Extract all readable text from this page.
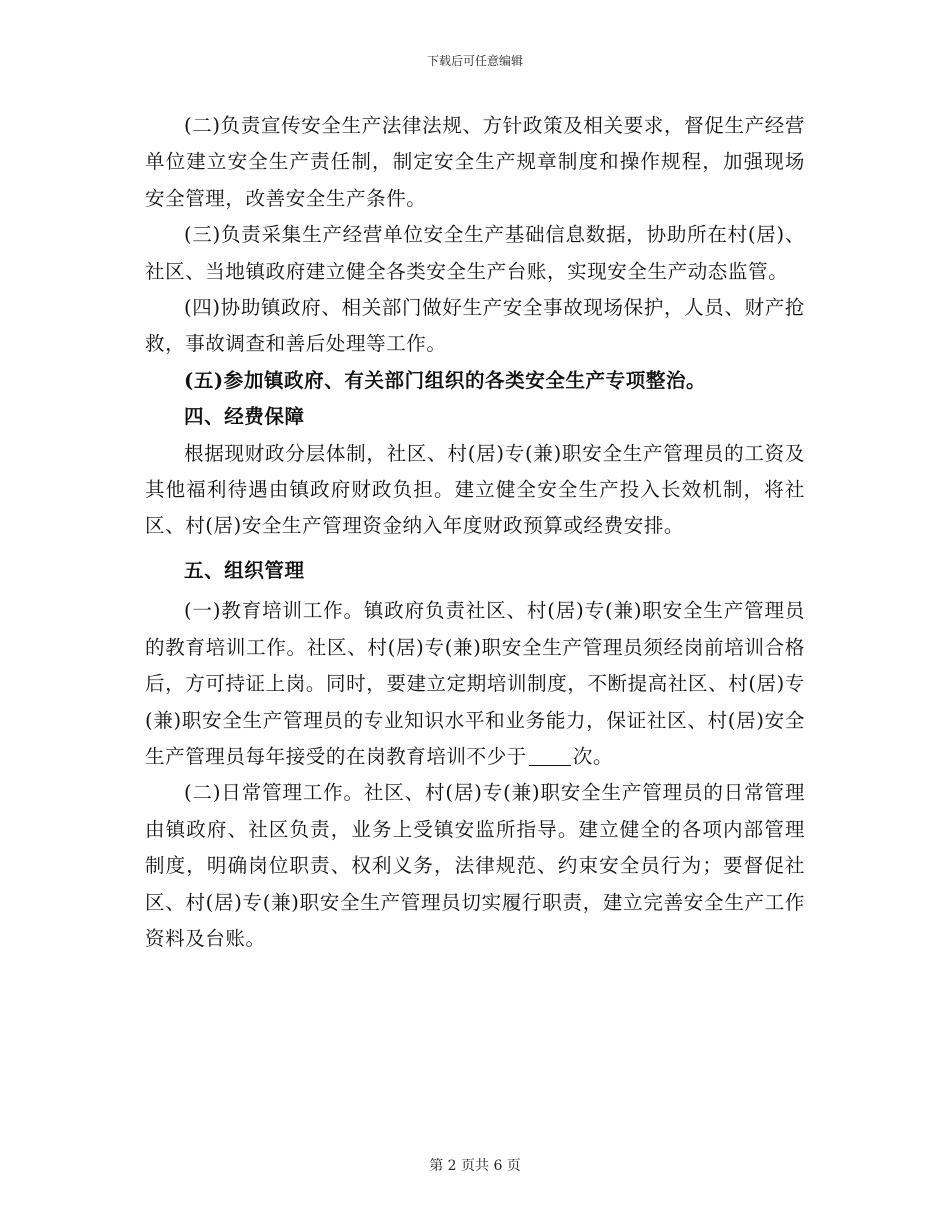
下载后可任意编辑

(二)负责宣传安全生产法律法规、方针政策及相关要求，督促生产经营单位建立安全生产责任制，制定安全生产规章制度和操作规程，加强现场安全管理，改善安全生产条件。

(三)负责采集生产经营单位安全生产基础信息数据，协助所在村(居)、社区、当地镇政府建立健全各类安全生产台账，实现安全生产动态监管。

(四)协助镇政府、相关部门做好生产安全事故现场保护，人员、财产抢救，事故调查和善后处理等工作。

(五)参加镇政府、有关部门组织的各类安全生产专项整治。

四、经费保障

根据现财政分层体制，社区、村(居)专(兼)职安全生产管理员的工资及其他福利待遇由镇政府财政负担。建立健全安全生产投入长效机制，将社区、村(居)安全生产管理资金纳入年度财政预算或经费安排。

五、组织管理

(一)教育培训工作。镇政府负责社区、村(居)专(兼)职安全生产管理员的教育培训工作。社区、村(居)专(兼)职安全生产管理员须经岗前培训合格后，方可持证上岗。同时，要建立定期培训制度，不断提高社区、村(居)专(兼)职安全生产管理员的专业知识水平和业务能力，保证社区、村(居)安全生产管理员每年接受的在岗教育培训不少于 次。

(二)日常管理工作。社区、村(居)专(兼)职安全生产管理员的日常管理由镇政府、社区负责，业务上受镇安监所指导。建立健全的各项内部管理制度，明确岗位职责、权利义务，法律规范、约束安全员行为；要督促社区、村(居)专(兼)职安全生产管理员切实履行职责，建立完善安全生产工作资料及台账。

第 2 页共 6 页
